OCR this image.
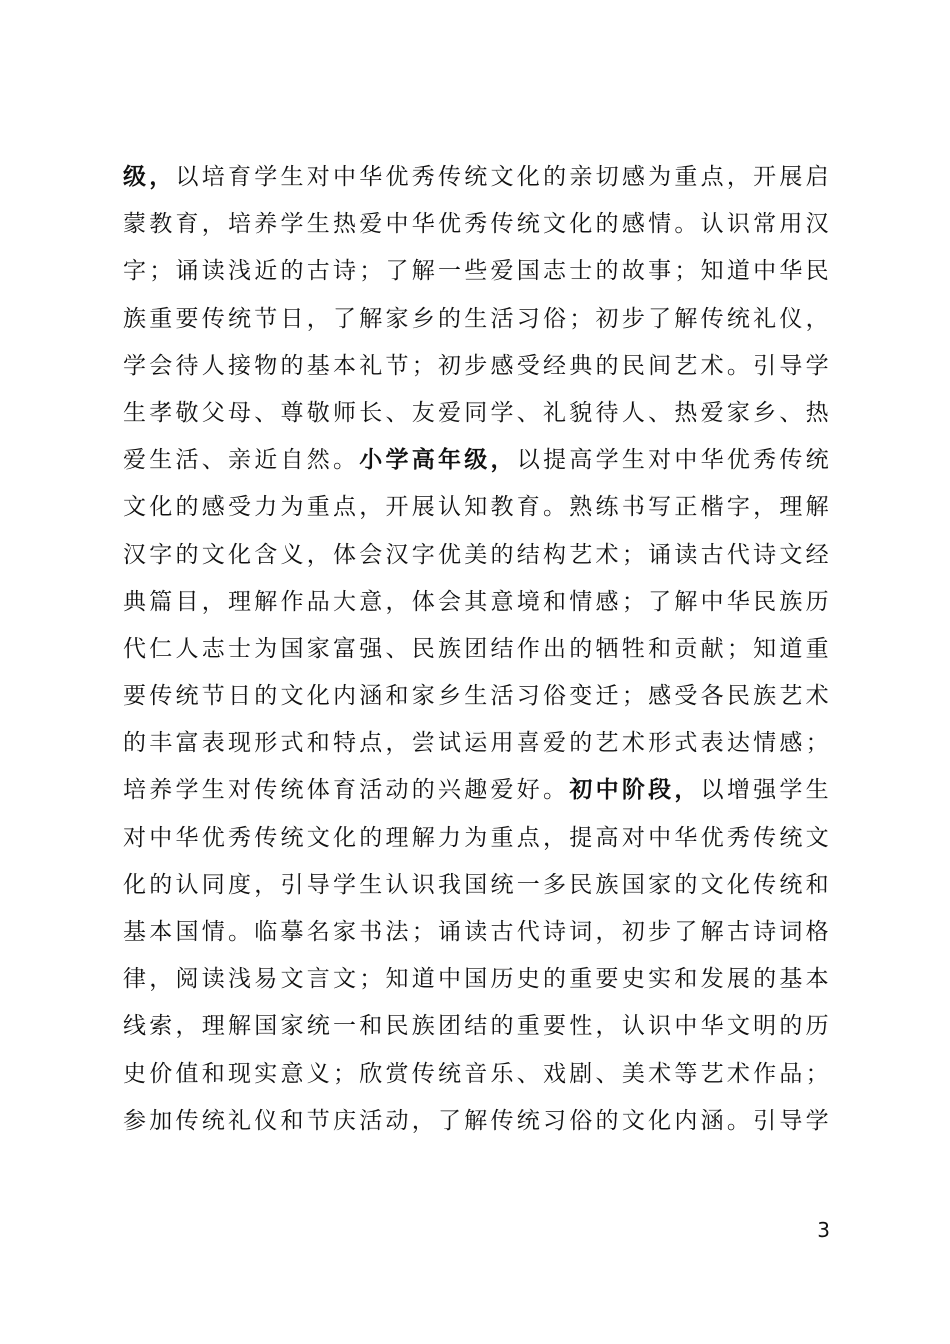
级，以培育学生对中华优秀传统文化的亲切感为重点，开展启
蒙教育，培养学生热爱中华优秀传统文化的感情。认识常用汉
字；诵读浅近的古诗；了解一些爱国志士的故事；知道中华民
族重要传统节日，了解家乡的生活习俗；初步了解传统礼仪，
学会待人接物的基本礼节；初步感受经典的民间艺术。引导学
生孝敬父母、尊敬师长、友爱同学、礼貌待人、热爱家乡、热
爱生活、亲近自然。小学高年级，以提高学生对中华优秀传统
文化的感受力为重点，开展认知教育。熟练书写正楷字，理解
汉字的文化含义，体会汉字优美的结构艺术；诵读古代诗文经
典篇目，理解作品大意，体会其意境和情感；了解中华民族历
代仁人志士为国家富强、民族团结作出的牺牲和贡献；知道重
要传统节日的文化内涵和家乡生活习俗变迁；感受各民族艺术
的丰富表现形式和特点，尝试运用喜爱的艺术形式表达情感；
培养学生对传统体育活动的兴趣爱好。初中阶段，以增强学生
对中华优秀传统文化的理解力为重点，提高对中华优秀传统文
化的认同度，引导学生认识我国统一多民族国家的文化传统和
基本国情。临摹名家书法；诵读古代诗词，初步了解古诗词格
律，阅读浅易文言文；知道中国历史的重要史实和发展的基本
线索，理解国家统一和民族团结的重要性，认识中华文明的历
史价值和现实意义；欣赏传统音乐、戏剧、美术等艺术作品；
参加传统礼仪和节庆活动，了解传统习俗的文化内涵。引导学
3
